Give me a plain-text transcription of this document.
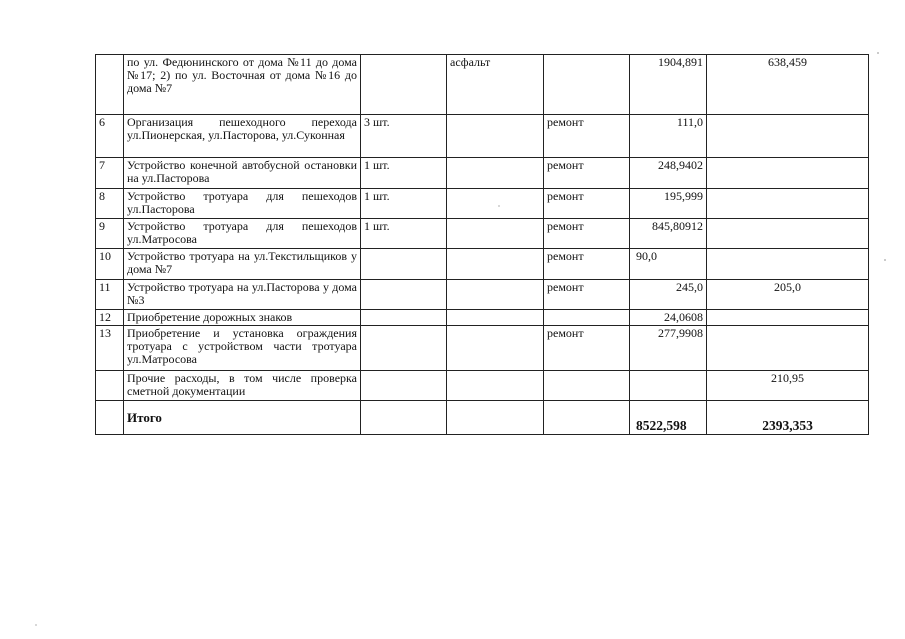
	по ул. Федюнинского от дома №11 до дома №17; 2) по ул. Восточная от дома №16 до дома №7		асфальт		1904,891	638,459
6	Организация пешеходного перехода ул.Пионерская, ул.Пасторова, ул.Суконная	3 шт.		ремонт	111,0	
7	Устройство конечной автобусной остановки на ул.Пасторова	1 шт.		ремонт	248,9402	
8	Устройство тротуара для пешеходов ул.Пасторова	1 шт.		ремонт	195,999	
9	Устройство тротуара для пешеходов ул.Матросова	1 шт.		ремонт	845,80912	
10	Устройство тротуара на ул.Текстильщиков у дома №7			ремонт	90,0	
11	Устройство тротуара на ул.Пасторова у дома №3			ремонт	245,0	205,0
12	Приобретение дорожных знаков				24,0608	
13	Приобретение и установка ограждения тротуара с устройством части тротуара ул.Матросова			ремонт	277,9908	
	Прочие расходы, в том числе проверка сметной документации					210,95
	Итого				8522,598	2393,353
